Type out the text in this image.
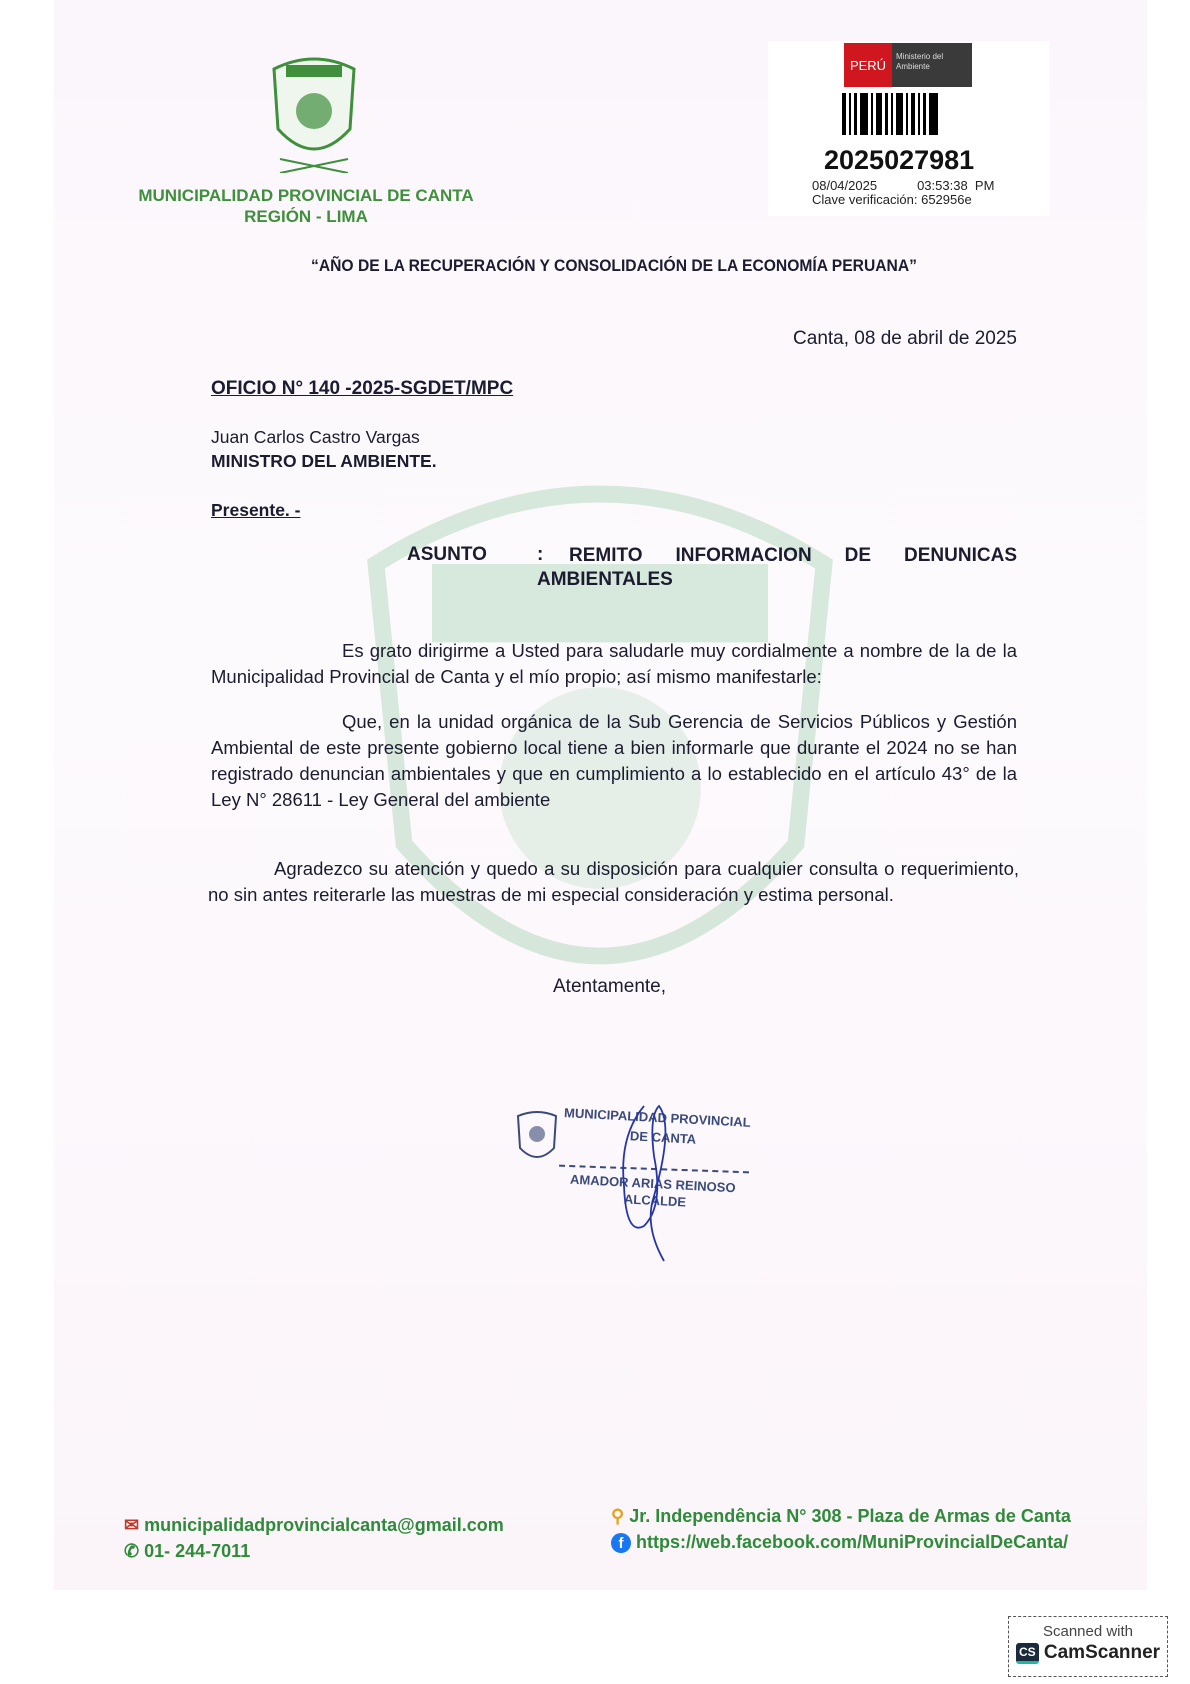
MUNICIPALIDAD PROVINCIAL DE CANTA
REGIÓN - LIMA
PERÚ
Ministerio del Ambiente
2025027981
08/04/2025	03:53:38  PM
Clave verificación: 652956e
“AÑO DE LA RECUPERACIÓN Y CONSOLIDACIÓN DE LA ECONOMÍA PERUANA”
Canta, 08 de abril de 2025
OFICIO N° 140 -2025-SGDET/MPC
Juan Carlos Castro Vargas
MINISTRO DEL AMBIENTE.
Presente. -
ASUNTO	:	REMITO INFORMACION DE DENUNICAS AMBIENTALES
Es grato dirigirme a Usted para saludarle muy cordialmente a nombre de la de la Municipalidad Provincial de Canta y el mío propio; así mismo manifestarle:
Que, en la unidad orgánica de la Sub Gerencia de Servicios Públicos y Gestión Ambiental de este presente gobierno local tiene a bien informarle que durante el 2024 no se han registrado denuncian ambientales y que en cumplimiento a lo establecido en el artículo 43° de la Ley N° 28611 - Ley General del ambiente
Agradezco su atención y quedo a su disposición para cualquier consulta o requerimiento, no sin antes reiterarle las muestras de mi especial consideración y estima personal.
Atentamente,
MUNICIPALIDAD PROVINCIAL
DE CANTA
AMADOR ARIAS REINOSO
ALCALDE
✉ municipalidadprovincialcanta@gmail.com
✆ 01- 244-7011
⚲ Jr. Independência N° 308 - Plaza de Armas de Canta
f https://web.facebook.com/MuniProvincialDeCanta/
Scanned with
CS CamScanner
